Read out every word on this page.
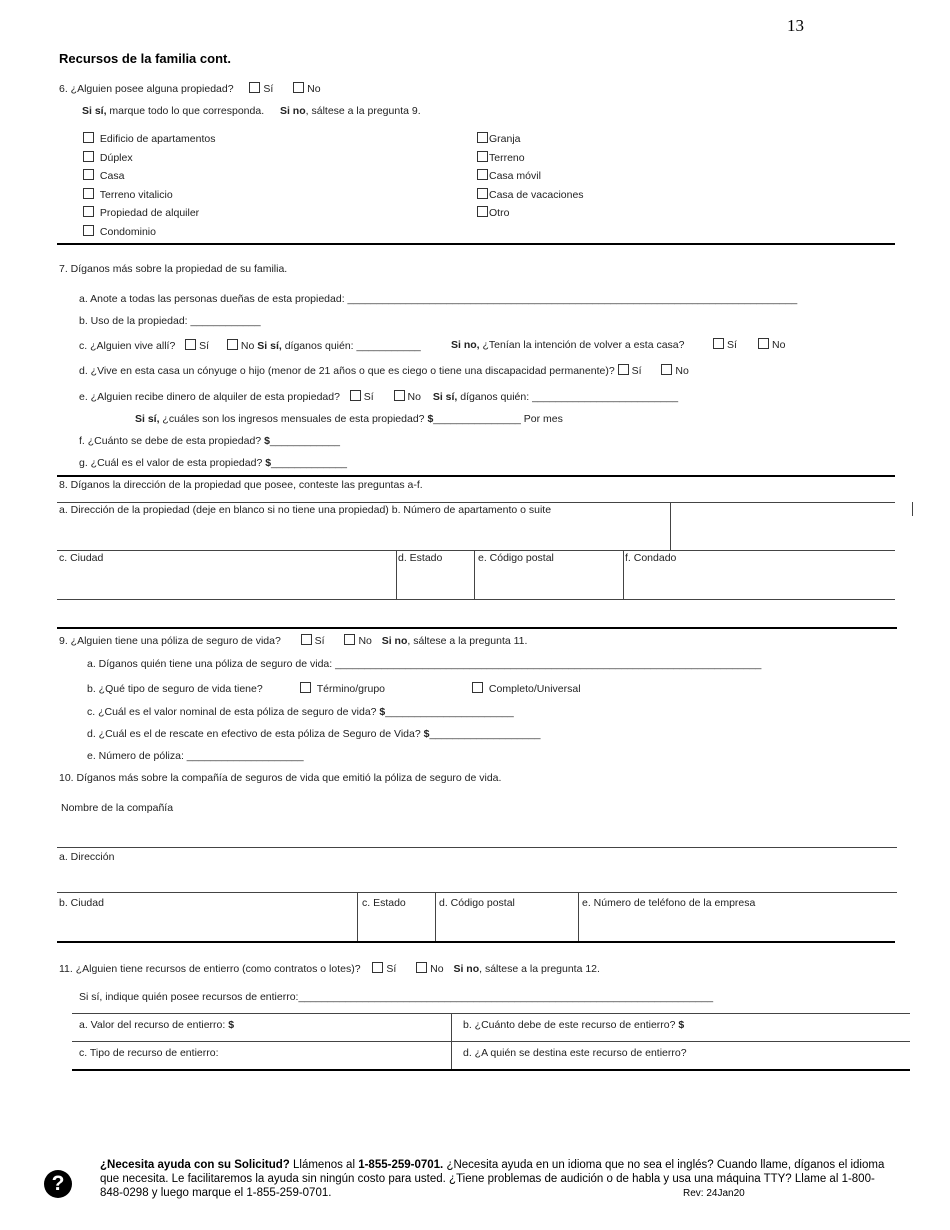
13
Recursos de la familia cont.
6. ¿Alguien posee alguna propiedad?	Sí	No
Si sí, marque todo lo que corresponda. Si no, sáltese a la pregunta 9.
Edificio de apartamentos
Dúplex
Casa
Terreno vitalicio
Propiedad de alquiler
Condominio
Granja
Terreno
Casa móvil
Casa de vacaciones
Otro
7. Díganos más sobre la propiedad de su familia.
a. Anote a todas las personas dueñas de esta propiedad: _____________________________________________________________________________
b. Uso de la propiedad: ____________
c. ¿Alguien vive allí? Sí	No Si sí, díganos quién: ___________	Si no, ¿Tenían la intención de volver a esta casa?	Sí	No
d. ¿Vive en esta casa un cónyuge o hijo (menor de 21 años o que es ciego o tiene una discapacidad permanente)? Sí	No
e. ¿Alguien recibe dinero de alquiler de esta propiedad? Sí	No Si sí, díganos quién: _________________________
Si sí, ¿cuáles son los ingresos mensuales de esta propiedad? $_______________ Por mes
f. ¿Cuánto se debe de esta propiedad? $____________
g. ¿Cuál es el valor de esta propiedad? $_____________
8. Díganos la dirección de la propiedad que posee, conteste las preguntas a-f.
a. Dirección de la propiedad (deje en blanco si no tiene una propiedad) b. Número de apartamento o suite
c. Ciudad	d. Estado	e. Código postal	f. Condado
9. ¿Alguien tiene una póliza de seguro de vida?	Sí	No Si no, sáltese a la pregunta 11.
a. Díganos quién tiene una póliza de seguro de vida: _________________________________________________________________________
b. ¿Qué tipo de seguro de vida tiene?	Término/grupo	Completo/Universal
c. ¿Cuál es el valor nominal de esta póliza de seguro de vida? $______________________
d. ¿Cuál es el de rescate en efectivo de esta póliza de Seguro de Vida? $___________________
e. Número de póliza: ____________________
10. Díganos más sobre la compañía de seguros de vida que emitió la póliza de seguro de vida.
Nombre de la compañía
a. Dirección
b. Ciudad	c. Estado	d. Código postal	e. Número de teléfono de la empresa
11. ¿Alguien tiene recursos de entierro (como contratos o lotes)? Sí	No Si no, sáltese a la pregunta 12.
Si sí, indique quién posee recursos de entierro:_______________________________________________________________________
a. Valor del recurso de entierro: $	b. ¿Cuánto debe de este recurso de entierro? $
c. Tipo de recurso de entierro:	d. ¿A quién se destina este recurso de entierro?
?
¿Necesita ayuda con su Solicitud? Llámenos al 1-855-259-0701. ¿Necesita ayuda en un idioma que no sea el inglés? Cuando llame, díganos el idioma que necesita. Le facilitaremos la ayuda sin ningún costo para usted. ¿Tiene problemas de audición o de habla y usa una máquina TTY? Llame al 1-800-848-0298 y luego marque el 1-855-259-0701.	Rev: 24Jan20
